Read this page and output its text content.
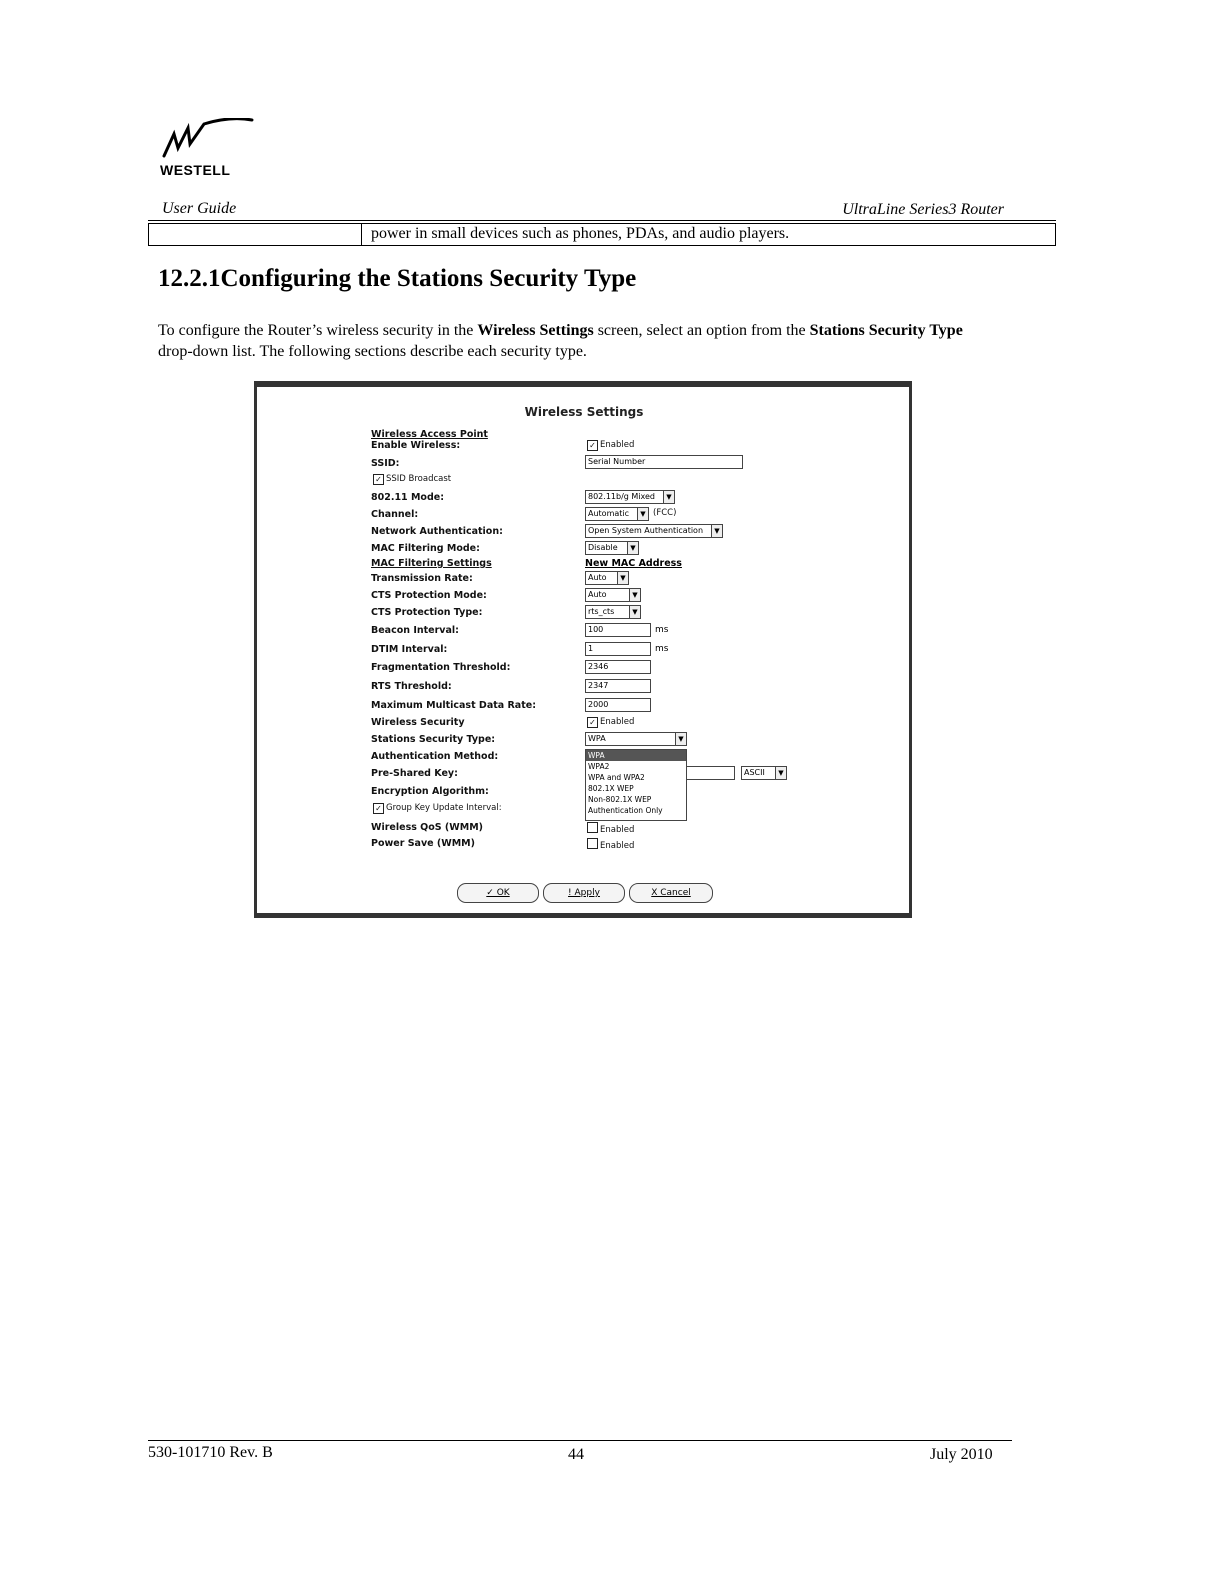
WESTELL
User Guide	UltraLine Series3 Router
power in small devices such as phones, PDAs, and audio players.
12.2.1Configuring the Stations Security Type
To configure the Router’s wireless security in the Wireless Settings screen, select an option from the Stations Security Type drop-down list. The following sections describe each security type.
Wireless Settings
Wireless Access Point
Enable Wireless:	✓ Enabled
SSID:	Serial Number
✓ SSID Broadcast
802.11 Mode:	802.11b/g Mixed	▼
Channel:	Automatic	▼ (FCC)
Network Authentication:	Open System Authentication	▼
MAC Filtering Mode:	Disable	▼
MAC Filtering Settings	New MAC Address
Transmission Rate:	Auto	▼
CTS Protection Mode:	Auto	▼
CTS Protection Type:	rts_cts	▼
Beacon Interval:	100	ms
DTIM Interval:	1	ms
Fragmentation Threshold:	2346
RTS Threshold:	2347
Maximum Multicast Data Rate:	2000
Wireless Security	✓ Enabled
Stations Security Type:	WPA	▼
Authentication Method:
Pre-Shared Key:	ASCII	▼
Encryption Algorithm:
✓ Group Key Update Interval:
Wireless QoS (WMM)	Enabled
Power Save (WMM)	Enabled
WPA
WPA2
WPA and WPA2
802.1X WEP
Non-802.1X WEP
Authentication Only
✓ OK	! Apply	X Cancel
530-101710 Rev. B	44	July 2010
